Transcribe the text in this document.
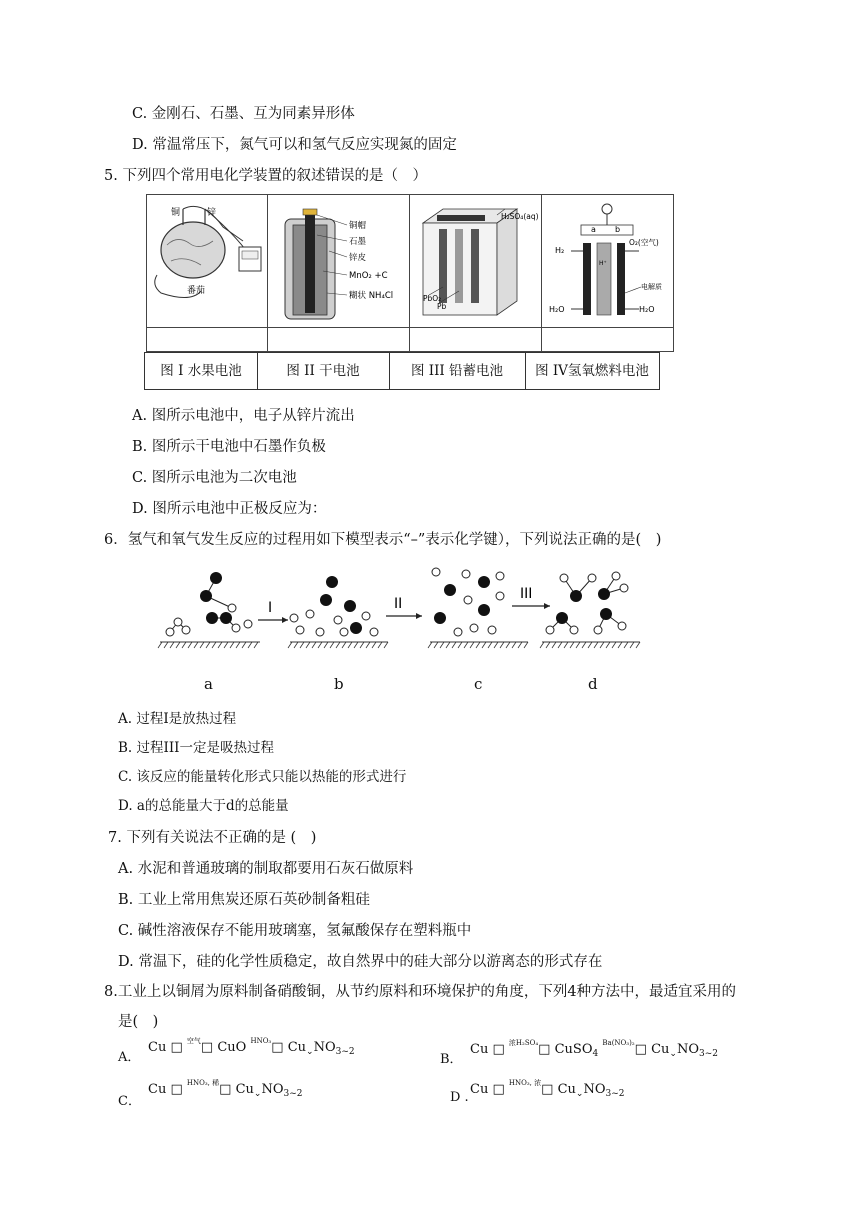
C. 金刚石、石墨、互为同素异形体
D. 常温常压下，氮气可以和氢气反应实现氮的固定
5. 下列四个常用电化学装置的叙述错误的是（　）
铜	锌
番茄
铜帽
石墨
锌皮
MnO₂ +C
糊状 NH₄Cl
H₂SO₄(aq)
PbO₂
Pb
a b
H₂
O₂(空气)
H⁺
电解质
H₂O	H₂O
图 I 水果电池	图 II 干电池	图 III 铅蓄电池	图 IV氢氧燃料电池
A. 图所示电池中，电子从锌片流出
B. 图所示干电池中石墨作负极
C. 图所示电池为二次电池
D. 图所示电池中正极反应为：
6．氢气和氧气发生反应的过程用如下模型表示“–”表示化学键），下列说法正确的是(　)
I	II
III
a	b	c	d
A. 过程I是放热过程
B. 过程III一定是吸热过程
C. 该反应的能量转化形式只能以热能的形式进行
D. a的总能量大于d的总能量
7. 下列有关说法不正确的是 (　)
A. 水泥和普通玻璃的制取都要用石灰石做原料
B. 工业上常用焦炭还原石英砂制备粗硅
C. 碱性溶液保存不能用玻璃塞，氢氟酸保存在塑料瓶中
D. 常温下，硅的化学性质稳定，故自然界中的硅大部分以游离态的形式存在
8.工业上以铜屑为原料制备硝酸铜，从节约原料和环境保护的角度，下列4种方法中，最适宜采用的
是(　)
A．
Cu □ $^{空气}$□ CuO $^{HNO_3}$□ $Cu_⌄NO_{3\sim 2}$	B．
Cu □ $^{浓H_2SO_4}$□ CuSO$_4$ $^{Ba(NO_3)_2}$□ $Cu_⌄NO_{3\sim 2}$
C．
Cu □ $^{HNO_3, 稀}$□ $Cu_⌄NO_{3\sim 2}$	D .
Cu □ $^{HNO_3, 浓}$□ $Cu_⌄NO_{3\sim 2}$
